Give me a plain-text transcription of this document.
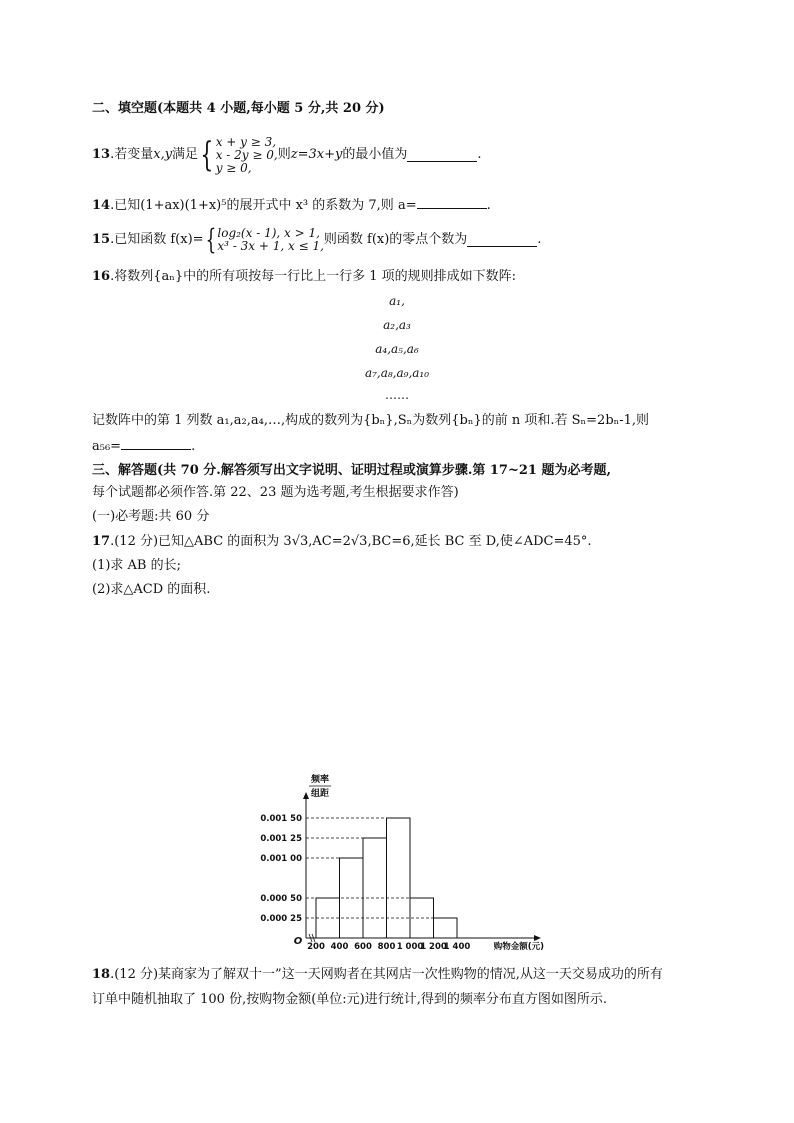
二、填空题(本题共 4 小题,每小题 5 分,共 20 分)
13 .若变量 x,y 满足 { x + y ≥ 3,
x - 2y ≥ 0,
y ≥ 0,
则 z=3x+y 的最小值为	.
14.已知(1+ax)(1+x)⁵的展开式中 x³ 的系数为 7,则 a=	.
15 .已知函数 f(x)= { log₂(x - 1), x > 1,
x³ - 3x + 1, x ≤ 1, 则函数 f(x)的零点个数为	.
16.将数列{aₙ}中的所有项按每一行比上一行多 1 项的规则排成如下数阵:
a₁,
a₂,a₃
a₄,a₅,a₆
a₇,a₈,a₉,a₁₀
……
记数阵中的第 1 列数 a₁,a₂,a₄,…,构成的数列为{bₙ},Sₙ为数列{bₙ}的前 n 项和.若 Sₙ=2bₙ-1,则
a₅₆=	.
三、解答题(共 70 分.解答须写出文字说明、证明过程或演算步骤.第 17~21 题为必考题,
每个试题都必须作答.第 22、23 题为选考题,考生根据要求作答)
(一)必考题:共 60 分
17.(12 分)已知△ABC 的面积为 3√3,AC=2√3,BC=6,延长 BC 至 D,使∠ADC=45°.
(1)求 AB 的长;
(2)求△ACD 的面积.
0.000 25
0.000 50
0.001 00
0.001 25
0.001 50
200 400 600 800 1 000
1 200
1 400
O	购物金额(元)
频率
组距
18.(12 分)某商家为了解双十一”这一天网购者在其网店一次性购物的情况,从这一天交易成功的所有
订单中随机抽取了 100 份,按购物金额(单位:元)进行统计,得到的频率分布直方图如图所示.
